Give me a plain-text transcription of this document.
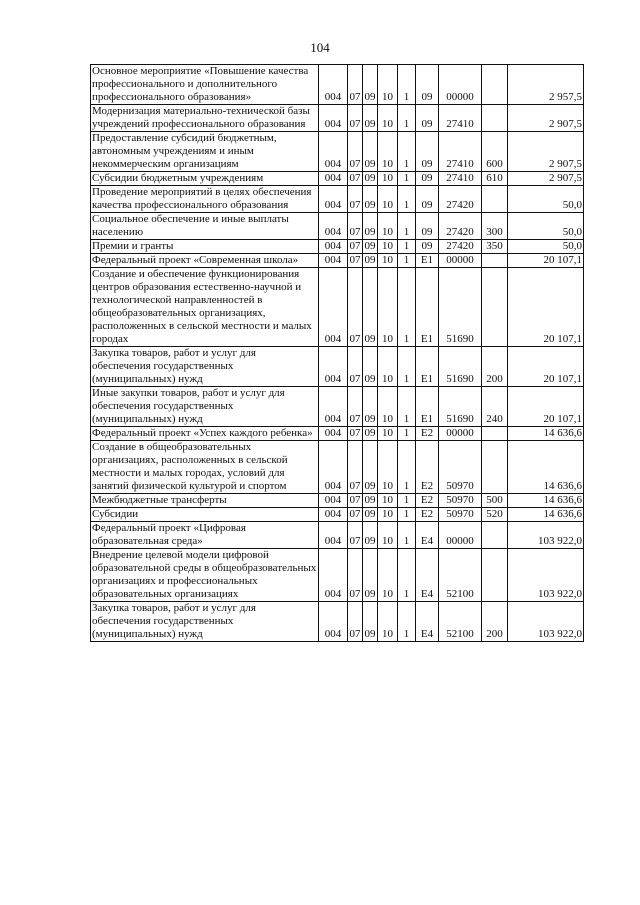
104
Основное мероприятие «Повышение качества профессионального и дополнительного профессионального образования»	004	07	09	10	1	09	00000		2 957,5
Модернизация материально-технической базы учреждений профессионального образования	004	07	09	10	1	09	27410		2 907,5
Предоставление субсидий бюджетным, автономным учреждениям и иным некоммерческим организациям	004	07	09	10	1	09	27410	600	2 907,5
Субсидии бюджетным учреждениям	004	07	09	10	1	09	27410	610	2 907,5
Проведение мероприятий в целях обеспечения качества профессионального образования	004	07	09	10	1	09	27420		50,0
Социальное обеспечение и иные выплаты населению	004	07	09	10	1	09	27420	300	50,0
Премии и гранты	004	07	09	10	1	09	27420	350	50,0
Федеральный проект «Современная школа»	004	07	09	10	1	E1	00000		20 107,1
Создание и обеспечение функционирования центров образования естественно-научной и технологической направленностей в общеобразовательных организациях, расположенных в сельской местности и малых городах	004	07	09	10	1	E1	51690		20 107,1
Закупка товаров, работ и услуг для обеспечения государственных (муниципальных) нужд	004	07	09	10	1	E1	51690	200	20 107,1
Иные закупки товаров, работ и услуг для обеспечения государственных (муниципальных) нужд	004	07	09	10	1	E1	51690	240	20 107,1
Федеральный проект «Успех каждого ребенка»	004	07	09	10	1	E2	00000		14 636,6
Создание в общеобразовательных организациях, расположенных в сельской местности и малых городах, условий для занятий физической культурой и спортом	004	07	09	10	1	E2	50970		14 636,6
Межбюджетные трансферты	004	07	09	10	1	E2	50970	500	14 636,6
Субсидии	004	07	09	10	1	E2	50970	520	14 636,6
Федеральный проект «Цифровая образовательная среда»	004	07	09	10	1	E4	00000		103 922,0
Внедрение целевой модели цифровой образовательной среды в общеобразовательных организациях и профессиональных образовательных организациях	004	07	09	10	1	E4	52100		103 922,0
Закупка товаров, работ и услуг для обеспечения государственных (муниципальных) нужд	004	07	09	10	1	E4	52100	200	103 922,0
